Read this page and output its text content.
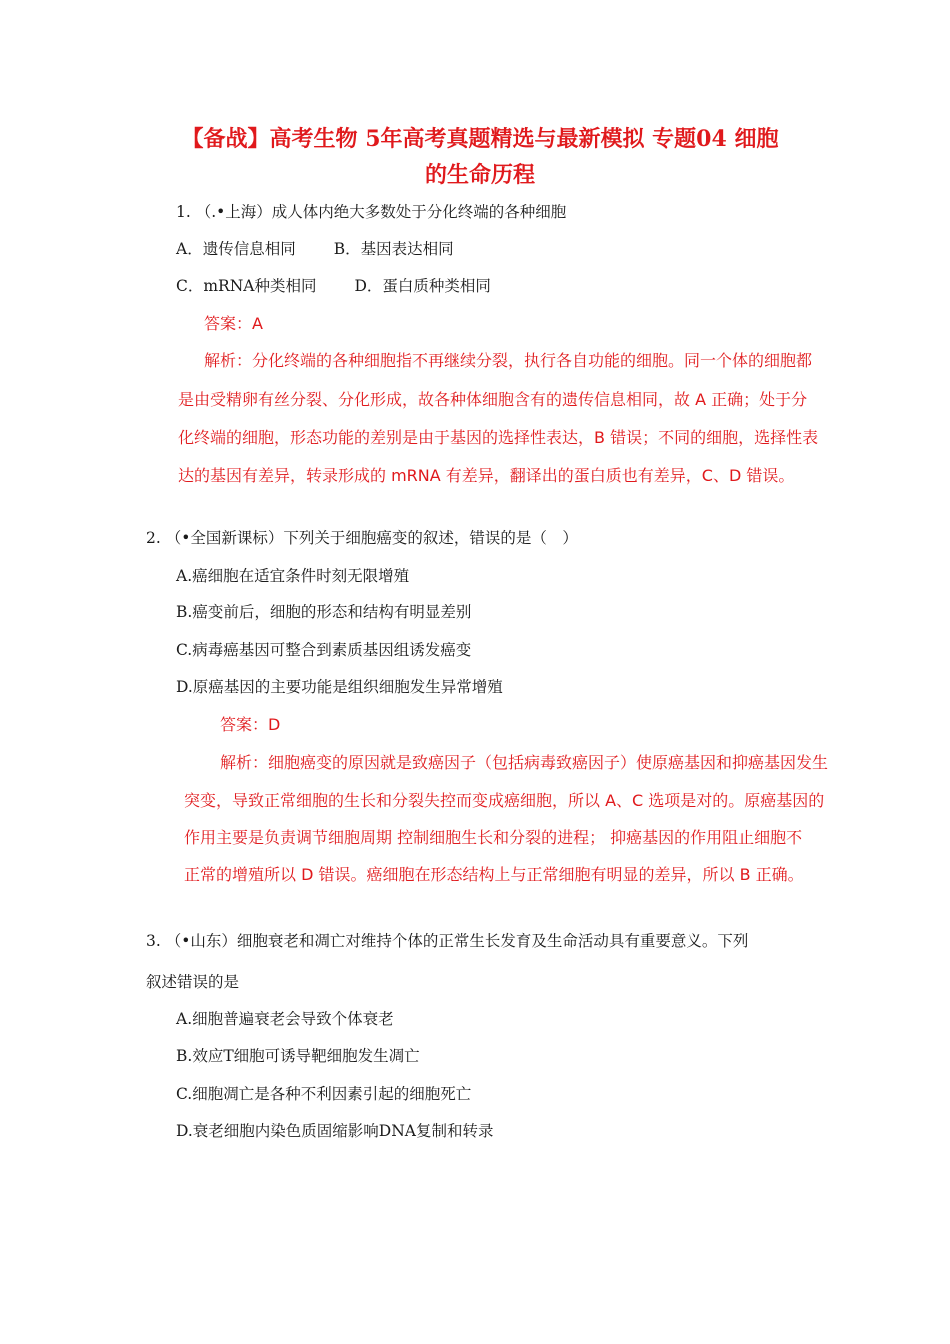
【备战】高考生物 5年高考真题精选与最新模拟 专题04 细胞
的生命历程
1. （.•上海）成人体内绝大多数处于分化终端的各种细胞
A．遗传信息相同 B．基因表达相同
C．mRNA种类相同 D．蛋白质种类相同
答案：A
解析：分化终端的各种细胞指不再继续分裂，执行各自功能的细胞。同一个体的细胞都
是由受精卵有丝分裂、分化形成，故各种体细胞含有的遗传信息相同，故 A 正确；处于分
化终端的细胞，形态功能的差别是由于基因的选择性表达，B 错误；不同的细胞，选择性表
达的基因有差异，转录形成的 mRNA 有差异，翻译出的蛋白质也有差异，C、D 错误。
2. （•全国新课标）下列关于细胞癌变的叙述，错误的是（　）
A.癌细胞在适宜条件时刻无限增殖
B.癌变前后，细胞的形态和结构有明显差别
C.病毒癌基因可整合到素质基因组诱发癌变
D.原癌基因的主要功能是组织细胞发生异常增殖
答案：D
解析：细胞癌变的原因就是致癌因子（包括病毒致癌因子）使原癌基因和抑癌基因发生
突变，导致正常细胞的生长和分裂失控而变成癌细胞，所以 A、C 选项是对的。原癌基因的
作用主要是负责调节细胞周期 控制细胞生长和分裂的进程； 抑癌基因的作用阻止细胞不
正常的增殖所以 D 错误。癌细胞在形态结构上与正常细胞有明显的差异，所以 B 正确。
3. （•山东）细胞衰老和凋亡对维持个体的正常生长发育及生命活动具有重要意义。下列
叙述错误的是
A.细胞普遍衰老会导致个体衰老
B.效应T细胞可诱导靶细胞发生凋亡
C.细胞凋亡是各种不利因素引起的细胞死亡
D.衰老细胞内染色质固缩影响DNA复制和转录
